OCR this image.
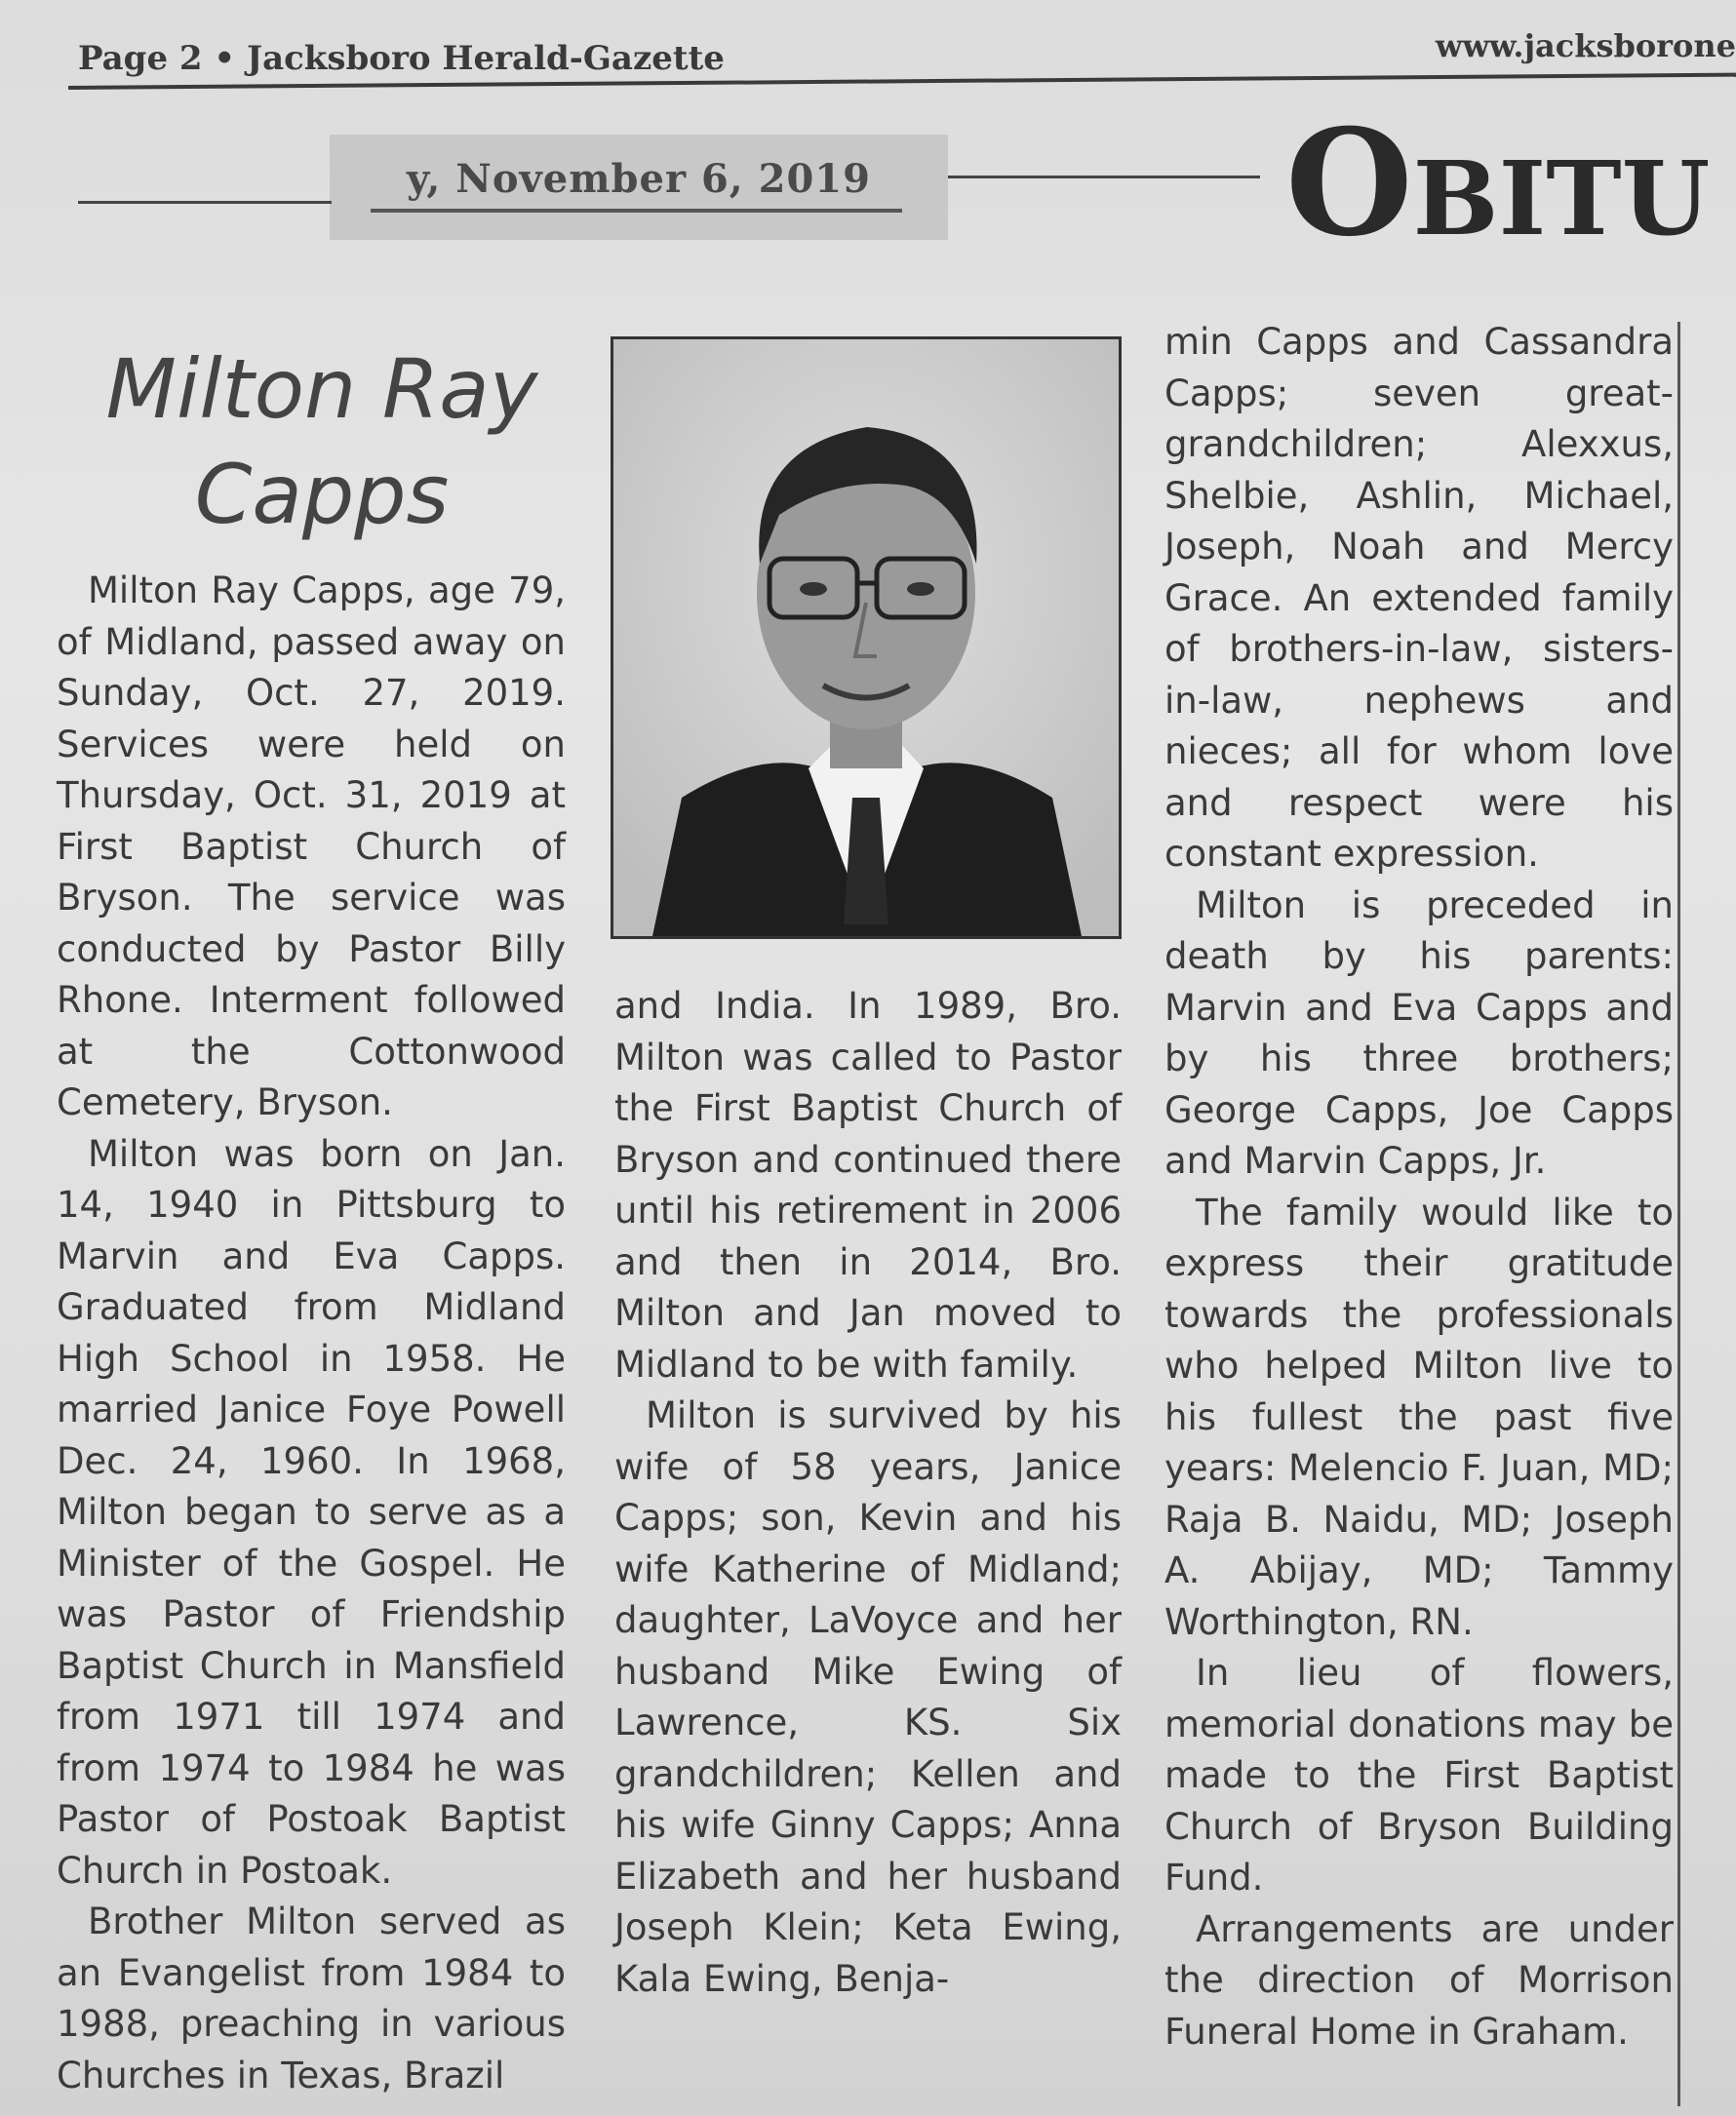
Page 2 • Jacksboro Herald-Gazette	www.jacksborone
y, November 6, 2019	OBITU
Milton Ray
Capps

Milton Ray Capps, age 79, of Midland, passed away on Sunday, Oct. 27, 2019. Services were held on Thursday, Oct. 31, 2019 at First Baptist Church of Bryson. The service was conducted by Pastor Billy Rhone. Interment followed at the Cottonwood Cemetery, Bryson.

Milton was born on Jan. 14, 1940 in Pittsburg to Marvin and Eva Capps. Graduated from Midland High School in 1958. He married Janice Foye Powell Dec. 24, 1960. In 1968, Milton began to serve as a Minister of the Gospel. He was Pastor of Friendship Baptist Church in Mansfield from 1971 till 1974 and from 1974 to 1984 he was Pastor of Postoak Baptist Church in Postoak.

Brother Milton served as an Evangelist from 1984 to 1988, preaching in various Churches in Texas, Brazil

and India. In 1989, Bro. Milton was called to Pastor the First Baptist Church of Bryson and continued there until his retirement in 2006 and then in 2014, Bro. Milton and Jan moved to Midland to be with family.

Milton is survived by his wife of 58 years, Janice Capps; son, Kevin and his wife Katherine of Midland; daughter, LaVoyce and her husband Mike Ewing of Lawrence, KS. Six grandchildren; Kellen and his wife Ginny Capps; Anna Elizabeth and her husband Joseph Klein; Keta Ewing, Kala Ewing, Benja-

min Capps and Cassandra Capps; seven great-grandchildren; Alexxus, Shelbie, Ashlin, Michael, Joseph, Noah and Mercy Grace. An extended family of brothers-in-law, sisters-in-law, nephews and nieces; all for whom love and respect were his constant expression.

Milton is preceded in death by his parents: Marvin and Eva Capps and by his three brothers; George Capps, Joe Capps and Marvin Capps, Jr.

The family would like to express their gratitude towards the professionals who helped Milton live to his fullest the past five years: Melencio F. Juan, MD; Raja B. Naidu, MD; Joseph A. Abijay, MD; Tammy Worthington, RN.

In lieu of flowers, memorial donations may be made to the First Baptist Church of Bryson Building Fund.

Arrangements are under the direction of Morrison Funeral Home in Graham.
